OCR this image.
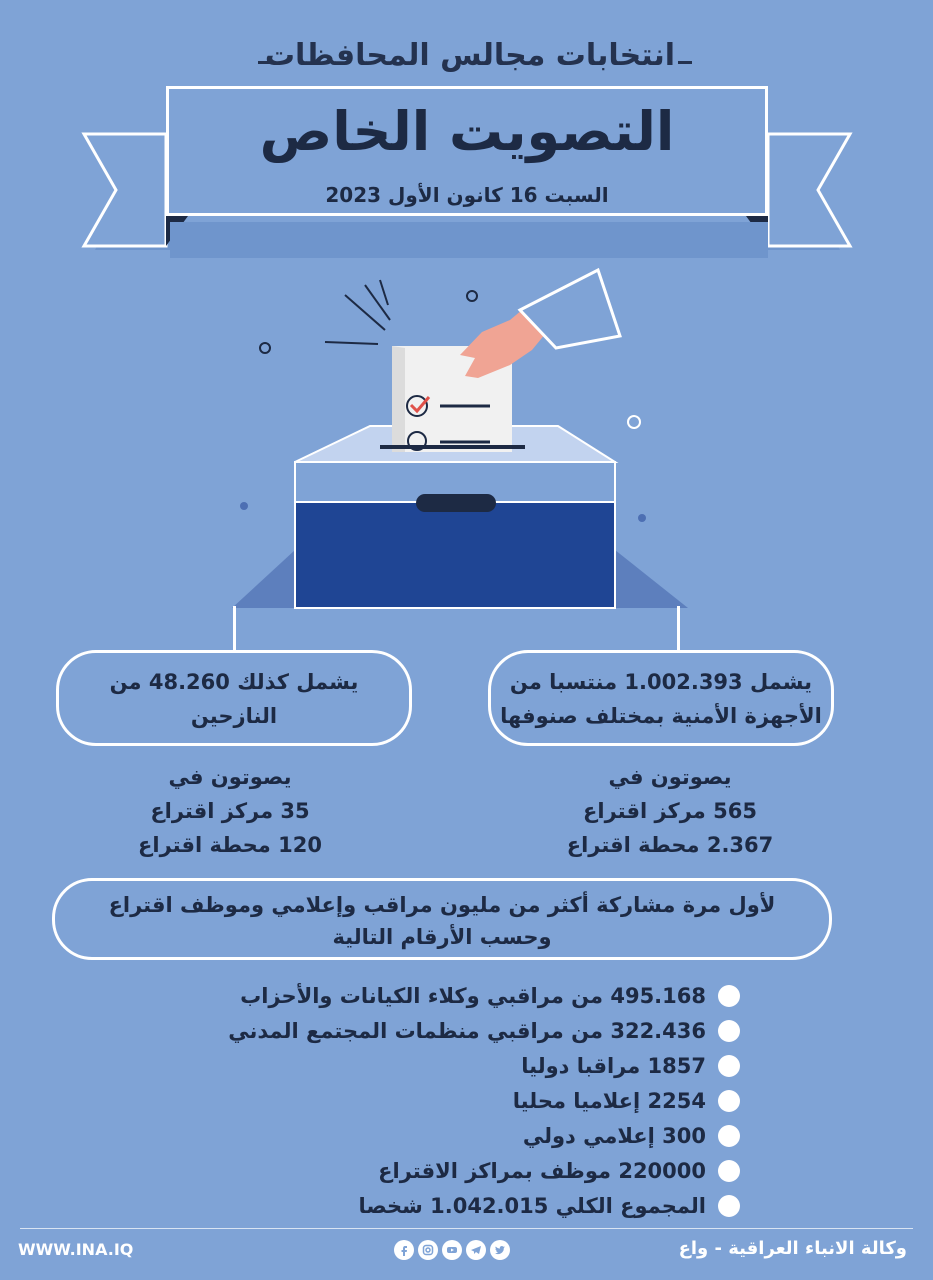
انتخابات مجالس المحافظات
التصويت الخاص
السبت 16 كانون الأول 2023
يشمل كذلك 48.260 من
النازحين
يشمل 1.002.393 منتسبا من
الأجهزة الأمنية بمختلف صنوفها
يصوتون في
35 مركز اقتراع
120 محطة اقتراع
يصوتون في
565 مركز اقتراع
2.367 محطة اقتراع
لأول مرة مشاركة أكثر من مليون مراقب وإعلامي وموظف اقتراع
وحسب الأرقام التالية
495.168 من مراقبي وكلاء الكيانات والأحزاب
322.436 من مراقبي منظمات المجتمع المدني
1857 مراقبا دوليا
2254 إعلاميا محليا
300 إعلامي دولي
220000 موظف بمراكز الاقتراع
المجموع الكلي 1.042.015 شخصا
WWW.INA.IQ	وكالة الانباء العراقية - واع
